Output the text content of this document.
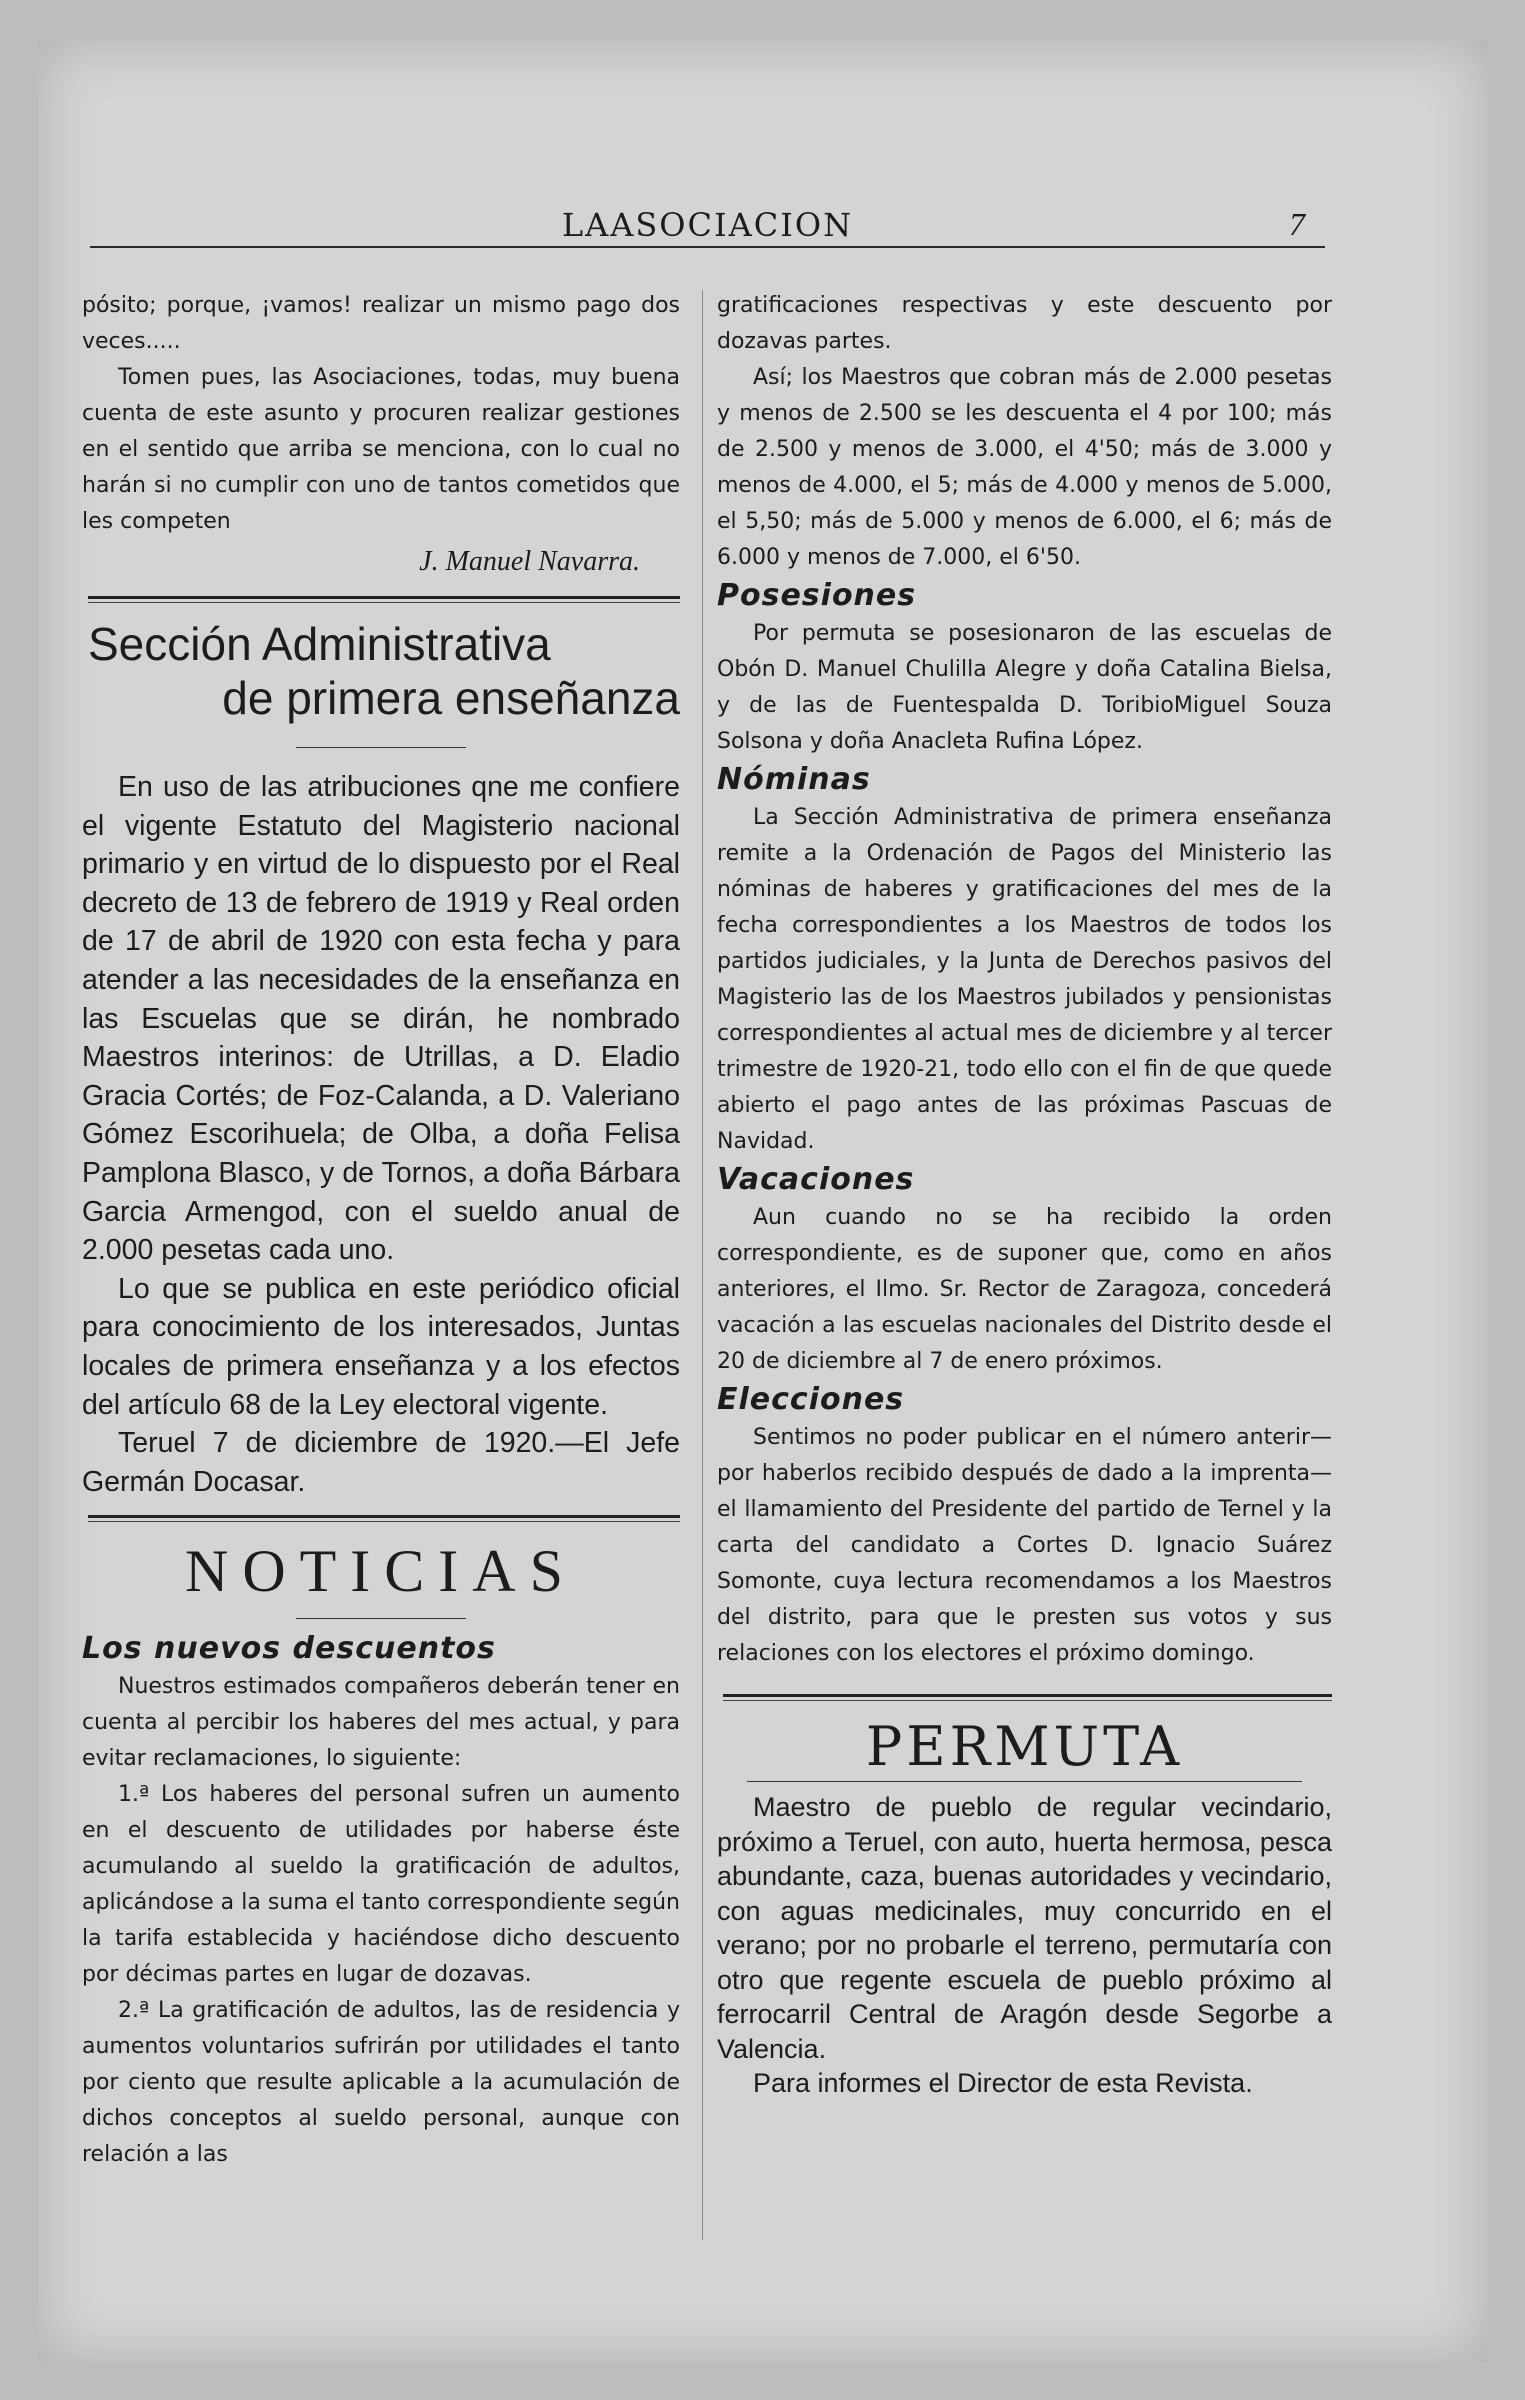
LAASOCIACION	7

pósito; porque, ¡vamos! realizar un mismo pago dos veces.....

Tomen pues, las Asociaciones, todas, muy buena cuenta de este asunto y procuren realizar gestiones en el sentido que arriba se menciona, con lo cual no harán si no cumplir con uno de tantos cometidos que les competen

J. Manuel Navarra.

Sección Administrativa

de primera enseñanza

En uso de las atribuciones qne me confiere el vigente Estatuto del Magisterio nacional primario y en virtud de lo dispuesto por el Real decreto de 13 de febrero de 1919 y Real orden de 17 de abril de 1920 con esta fecha y para atender a las necesidades de la enseñanza en las Escuelas que se dirán, he nombrado Maestros interinos: de Utrillas, a D. Eladio Gracia Cortés; de Foz-Calanda, a D. Valeriano Gómez Escorihuela; de Olba, a doña Felisa Pamplona Blasco, y de Tornos, a doña Bárbara Garcia Armengod, con el sueldo anual de 2.000 pesetas cada uno.

Lo que se publica en este periódico oficial para conocimiento de los interesados, Juntas locales de primera enseñanza y a los efectos del artículo 68 de la Ley electoral vigente.

Teruel 7 de diciembre de 1920.—El Jefe Germán Docasar.

NOTICIAS

Los nuevos descuentos

Nuestros estimados compañeros deberán tener en cuenta al percibir los haberes del mes actual, y para evitar reclamaciones, lo siguiente:

1.ª Los haberes del personal sufren un aumento en el descuento de utilidades por haberse éste acumulando al sueldo la gratificación de adultos, aplicándose a la suma el tanto correspondiente según la tarifa establecida y haciéndose dicho descuento por décimas partes en lugar de dozavas.

2.ª La gratificación de adultos, las de residencia y aumentos voluntarios sufrirán por utilidades el tanto por ciento que resulte aplicable a la acumulación de dichos conceptos al sueldo personal, aunque con relación a las

gratificaciones respectivas y este descuento por dozavas partes.

Así; los Maestros que cobran más de 2.000 pesetas y menos de 2.500 se les descuenta el 4 por 100; más de 2.500 y menos de 3.000, el 4'50; más de 3.000 y menos de 4.000, el 5; más de 4.000 y menos de 5.000, el 5,50; más de 5.000 y menos de 6.000, el 6; más de 6.000 y menos de 7.000, el 6'50.

Posesiones

Por permuta se posesionaron de las escuelas de Obón D. Manuel Chulilla Alegre y doña Catalina Bielsa, y de las de Fuentespalda D. ToribioMiguel Souza Solsona y doña Anacleta Rufina López.

Nóminas

La Sección Administrativa de primera enseñanza remite a la Ordenación de Pagos del Ministerio las nóminas de haberes y gratificaciones del mes de la fecha correspondientes a los Maestros de todos los partidos judiciales, y la Junta de Derechos pasivos del Magisterio las de los Maestros jubilados y pensionistas correspondientes al actual mes de diciembre y al tercer trimestre de 1920-21, todo ello con el fin de que quede abierto el pago antes de las próximas Pascuas de Navidad.

Vacaciones

Aun cuando no se ha recibido la orden correspondiente, es de suponer que, como en años anteriores, el Ilmo. Sr. Rector de Zaragoza, concederá vacación a las escuelas nacionales del Distrito desde el 20 de diciembre al 7 de enero próximos.

Elecciones

Sentimos no poder publicar en el número anterir—por haberlos recibido después de dado a la imprenta—el llamamiento del Presidente del partido de Ternel y la carta del candidato a Cortes D. Ignacio Suárez Somonte, cuya lectura recomendamos a los Maestros del distrito, para que le presten sus votos y sus relaciones con los electores el próximo domingo.

PERMUTA

Maestro de pueblo de regular vecindario, próximo a Teruel, con auto, huerta hermosa, pesca abundante, caza, buenas autoridades y vecindario, con aguas medicinales, muy concurrido en el verano; por no probarle el terreno, permutaría con otro que regente escuela de pueblo próximo al ferrocarril Central de Aragón desde Segorbe a Valencia.

Para informes el Director de esta Revista.
